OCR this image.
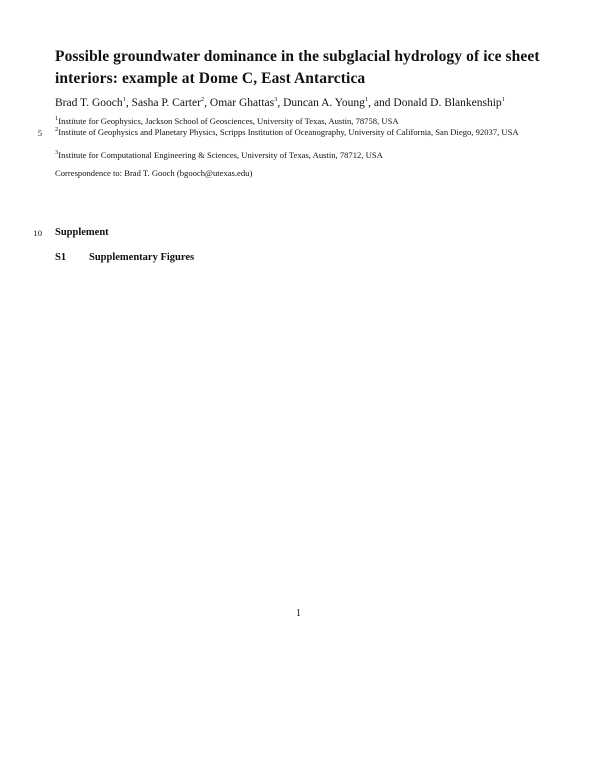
Possible groundwater dominance in the subglacial hydrology of ice sheet interiors: example at Dome C, East Antarctica
Brad T. Gooch$^1$, Sasha P. Carter$^2$, Omar Ghattas$^3$, Duncan A. Young$^1$, and Donald D. Blankenship$^1$
$^1$Institute for Geophysics, Jackson School of Geosciences, University of Texas, Austin, 78758, USA
5 $^2$Institute of Geophysics and Planetary Physics, Scripps Institution of Oceanography, University of California, San Diego, 92037, USA
$^3$Institute for Computational Engineering & Sciences, University of Texas, Austin, 78712, USA
Correspondence to: Brad T. Gooch (bgooch@utexas.edu)
10 Supplement
S1 Supplementary Figures
1
